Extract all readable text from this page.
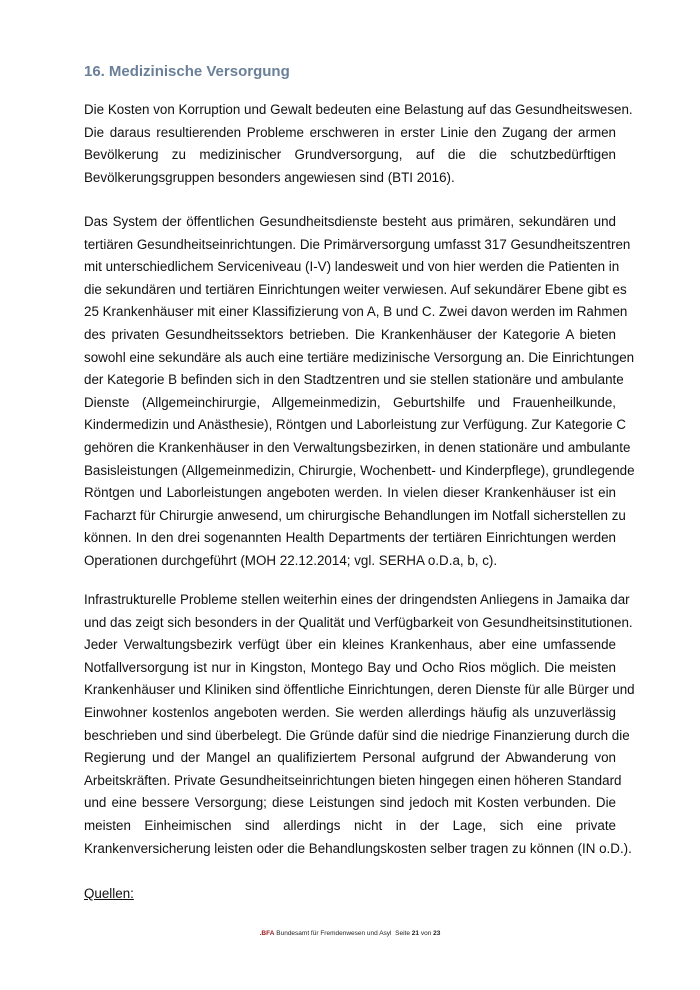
16. Medizinische Versorgung
Die Kosten von Korruption und Gewalt bedeuten eine Belastung auf das Gesundheitswesen.
Die daraus resultierenden Probleme erschweren in erster Linie den Zugang der armen
Bevölkerung zu medizinischer Grundversorgung, auf die die schutzbedürftigen
Bevölkerungsgruppen besonders angewiesen sind (BTI 2016).
Das System der öffentlichen Gesundheitsdienste besteht aus primären, sekundären und
tertiären Gesundheitseinrichtungen. Die Primärversorgung umfasst 317 Gesundheitszentren
mit unterschiedlichem Serviceniveau (I-V) landesweit und von hier werden die Patienten in
die sekundären und tertiären Einrichtungen weiter verwiesen. Auf sekundärer Ebene gibt es
25 Krankenhäuser mit einer Klassifizierung von A, B und C. Zwei davon werden im Rahmen
des privaten Gesundheitssektors betrieben. Die Krankenhäuser der Kategorie A bieten
sowohl eine sekundäre als auch eine tertiäre medizinische Versorgung an. Die Einrichtungen
der Kategorie B befinden sich in den Stadtzentren und sie stellen stationäre und ambulante
Dienste (Allgemeinchirurgie, Allgemeinmedizin, Geburtshilfe und Frauenheilkunde,
Kindermedizin und Anästhesie), Röntgen und Laborleistung zur Verfügung. Zur Kategorie C
gehören die Krankenhäuser in den Verwaltungsbezirken, in denen stationäre und ambulante
Basisleistungen (Allgemeinmedizin, Chirurgie, Wochenbett- und Kinderpflege), grundlegende
Röntgen und Laborleistungen angeboten werden. In vielen dieser Krankenhäuser ist ein
Facharzt für Chirurgie anwesend, um chirurgische Behandlungen im Notfall sicherstellen zu
können. In den drei sogenannten Health Departments der tertiären Einrichtungen werden
Operationen durchgeführt (MOH 22.12.2014; vgl. SERHA o.D.a, b, c).
Infrastrukturelle Probleme stellen weiterhin eines der dringendsten Anliegens in Jamaika dar
und das zeigt sich besonders in der Qualität und Verfügbarkeit von Gesundheitsinstitutionen.
Jeder Verwaltungsbezirk verfügt über ein kleines Krankenhaus, aber eine umfassende
Notfallversorgung ist nur in Kingston, Montego Bay und Ocho Rios möglich. Die meisten
Krankenhäuser und Kliniken sind öffentliche Einrichtungen, deren Dienste für alle Bürger und
Einwohner kostenlos angeboten werden. Sie werden allerdings häufig als unzuverlässig
beschrieben und sind überbelegt. Die Gründe dafür sind die niedrige Finanzierung durch die
Regierung und der Mangel an qualifiziertem Personal aufgrund der Abwanderung von
Arbeitskräften. Private Gesundheitseinrichtungen bieten hingegen einen höheren Standard
und eine bessere Versorgung; diese Leistungen sind jedoch mit Kosten verbunden. Die
meisten Einheimischen sind allerdings nicht in der Lage, sich eine private
Krankenversicherung leisten oder die Behandlungskosten selber tragen zu können (IN o.D.).
Quellen:
.BFA Bundesamt für Fremdenwesen und Asyl Seite 21 von 23
